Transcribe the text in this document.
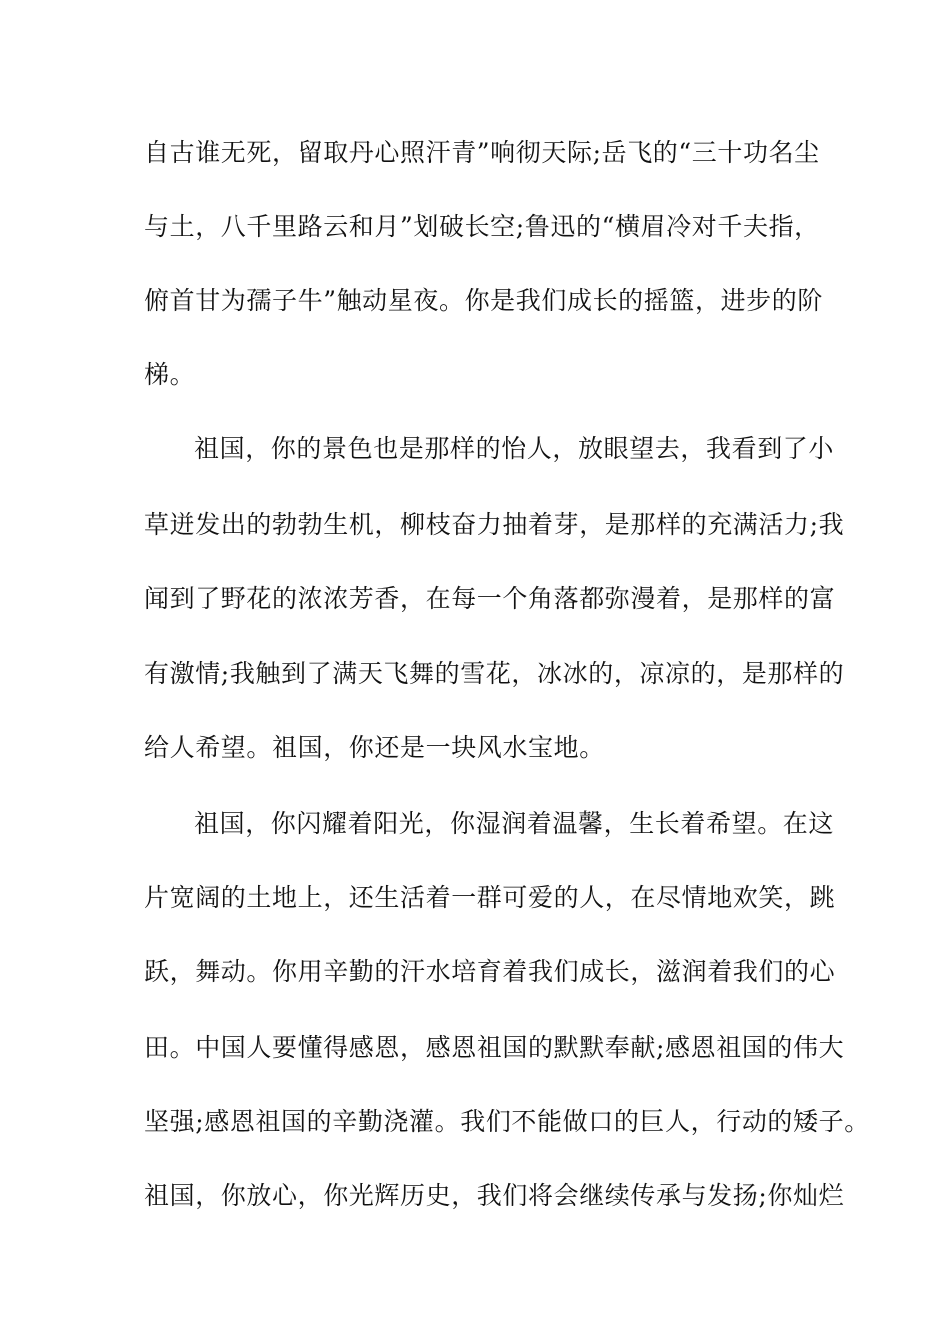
自古谁无死，留取丹心照汗青”响彻天际;岳飞的“三十功名尘
与土，八千里路云和月”划破长空;鲁迅的“横眉冷对千夫指，
俯首甘为孺子牛”触动星夜。你是我们成长的摇篮，进步的阶
梯。
祖国，你的景色也是那样的怡人，放眼望去，我看到了小
草迸发出的勃勃生机，柳枝奋力抽着芽，是那样的充满活力;我
闻到了野花的浓浓芳香，在每一个角落都弥漫着，是那样的富
有激情;我触到了满天飞舞的雪花，冰冰的，凉凉的，是那样的
给人希望。祖国，你还是一块风水宝地。
祖国，你闪耀着阳光，你湿润着温馨，生长着希望。在这
片宽阔的土地上，还生活着一群可爱的人，在尽情地欢笑，跳
跃，舞动。你用辛勤的汗水培育着我们成长，滋润着我们的心
田。中国人要懂得感恩，感恩祖国的默默奉献;感恩祖国的伟大
坚强;感恩祖国的辛勤浇灌。我们不能做口的巨人，行动的矮子。
祖国，你放心，你光辉历史，我们将会继续传承与发扬;你灿烂
